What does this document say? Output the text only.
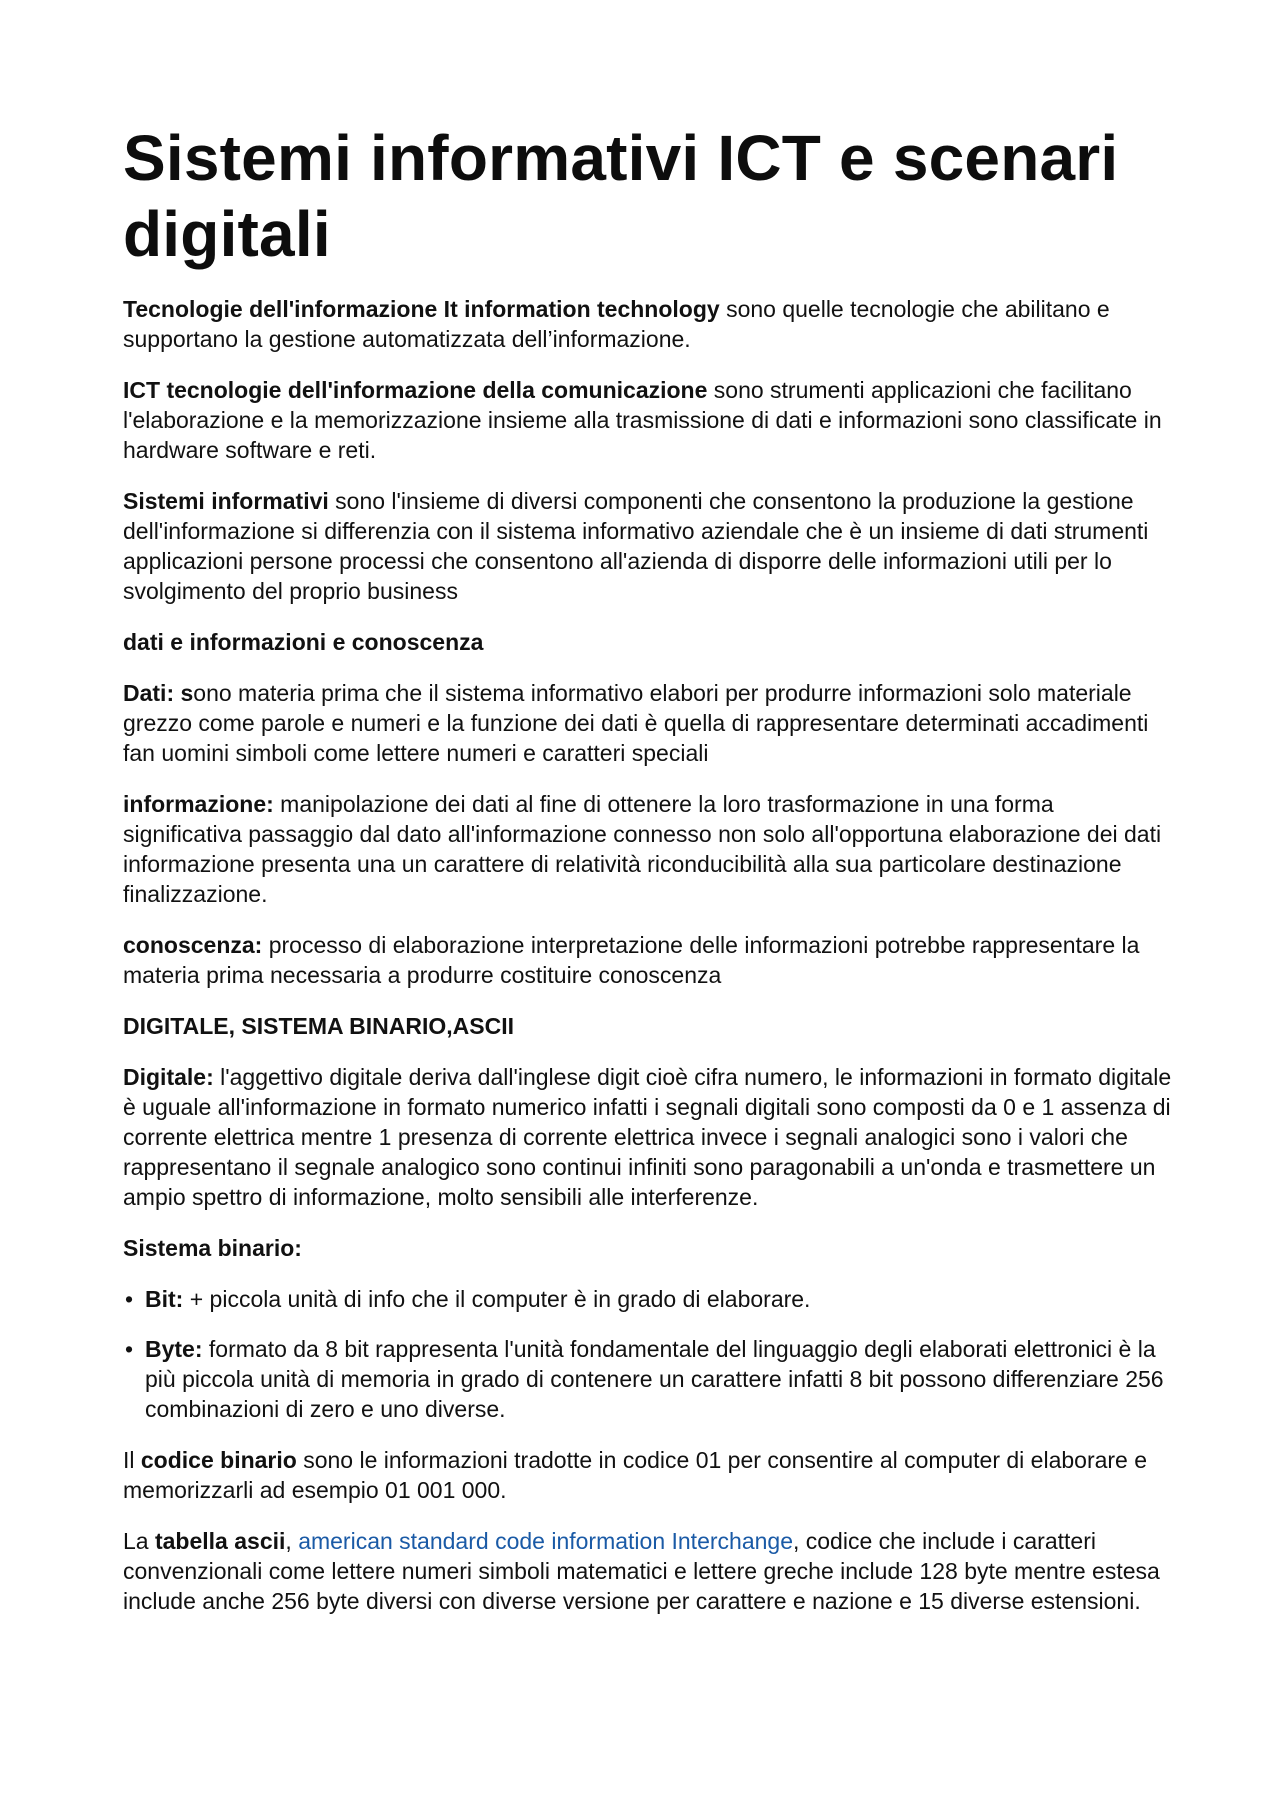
Sistemi informativi ICT e scenari digitali

Tecnologie dell'informazione It information technology sono quelle tecnologie che abilitano e supportano la gestione automatizzata dell’informazione.

ICT tecnologie dell'informazione della comunicazione sono strumenti applicazioni che facilitano l'elaborazione e la memorizzazione insieme alla trasmissione di dati e informazioni sono classificate in hardware software e reti.

Sistemi informativi sono l'insieme di diversi componenti che consentono la produzione la gestione dell'informazione si differenzia con il sistema informativo aziendale che è un insieme di dati strumenti applicazioni persone processi che consentono all'azienda di disporre delle informazioni utili per lo svolgimento del proprio business

dati e informazioni e conoscenza

Dati: sono materia prima che il sistema informativo elabori per produrre informazioni solo materiale grezzo come parole e numeri e la funzione dei dati è quella di rappresentare determinati accadimenti fan uomini simboli come lettere numeri e caratteri speciali

informazione: manipolazione dei dati al fine di ottenere la loro trasformazione in una forma significativa passaggio dal dato all'informazione connesso non solo all'opportuna elaborazione dei dati informazione presenta una un carattere di relatività riconducibilità alla sua particolare destinazione finalizzazione.

conoscenza: processo di elaborazione interpretazione delle informazioni potrebbe rappresentare la materia prima necessaria a produrre costituire conoscenza

DIGITALE, SISTEMA BINARIO,ASCII

Digitale: l'aggettivo digitale deriva dall'inglese digit cioè cifra numero, le informazioni in formato digitale è uguale all'informazione in formato numerico infatti i segnali digitali sono composti da 0 e 1 assenza di corrente elettrica mentre 1 presenza di corrente elettrica invece i segnali analogici sono i valori che rappresentano il segnale analogico sono continui infiniti sono paragonabili a un'onda e trasmettere un ampio spettro di informazione, molto sensibili alle interferenze.

Sistema binario:

• Bit: + piccola unità di info che il computer è in grado di elaborare.
• Byte: formato da 8 bit rappresenta l'unità fondamentale del linguaggio degli elaborati elettronici è la più piccola unità di memoria in grado di contenere un carattere infatti 8 bit possono differenziare 256 combinazioni di zero e uno diverse.

Il codice binario sono le informazioni tradotte in codice 01 per consentire al computer di elaborare e memorizzarli ad esempio 01 001 000.

La tabella ascii, american standard code information Interchange, codice che include i caratteri convenzionali come lettere numeri simboli matematici e lettere greche include 128 byte mentre estesa include anche 256 byte diversi con diverse versione per carattere e nazione e 15 diverse estensioni.
